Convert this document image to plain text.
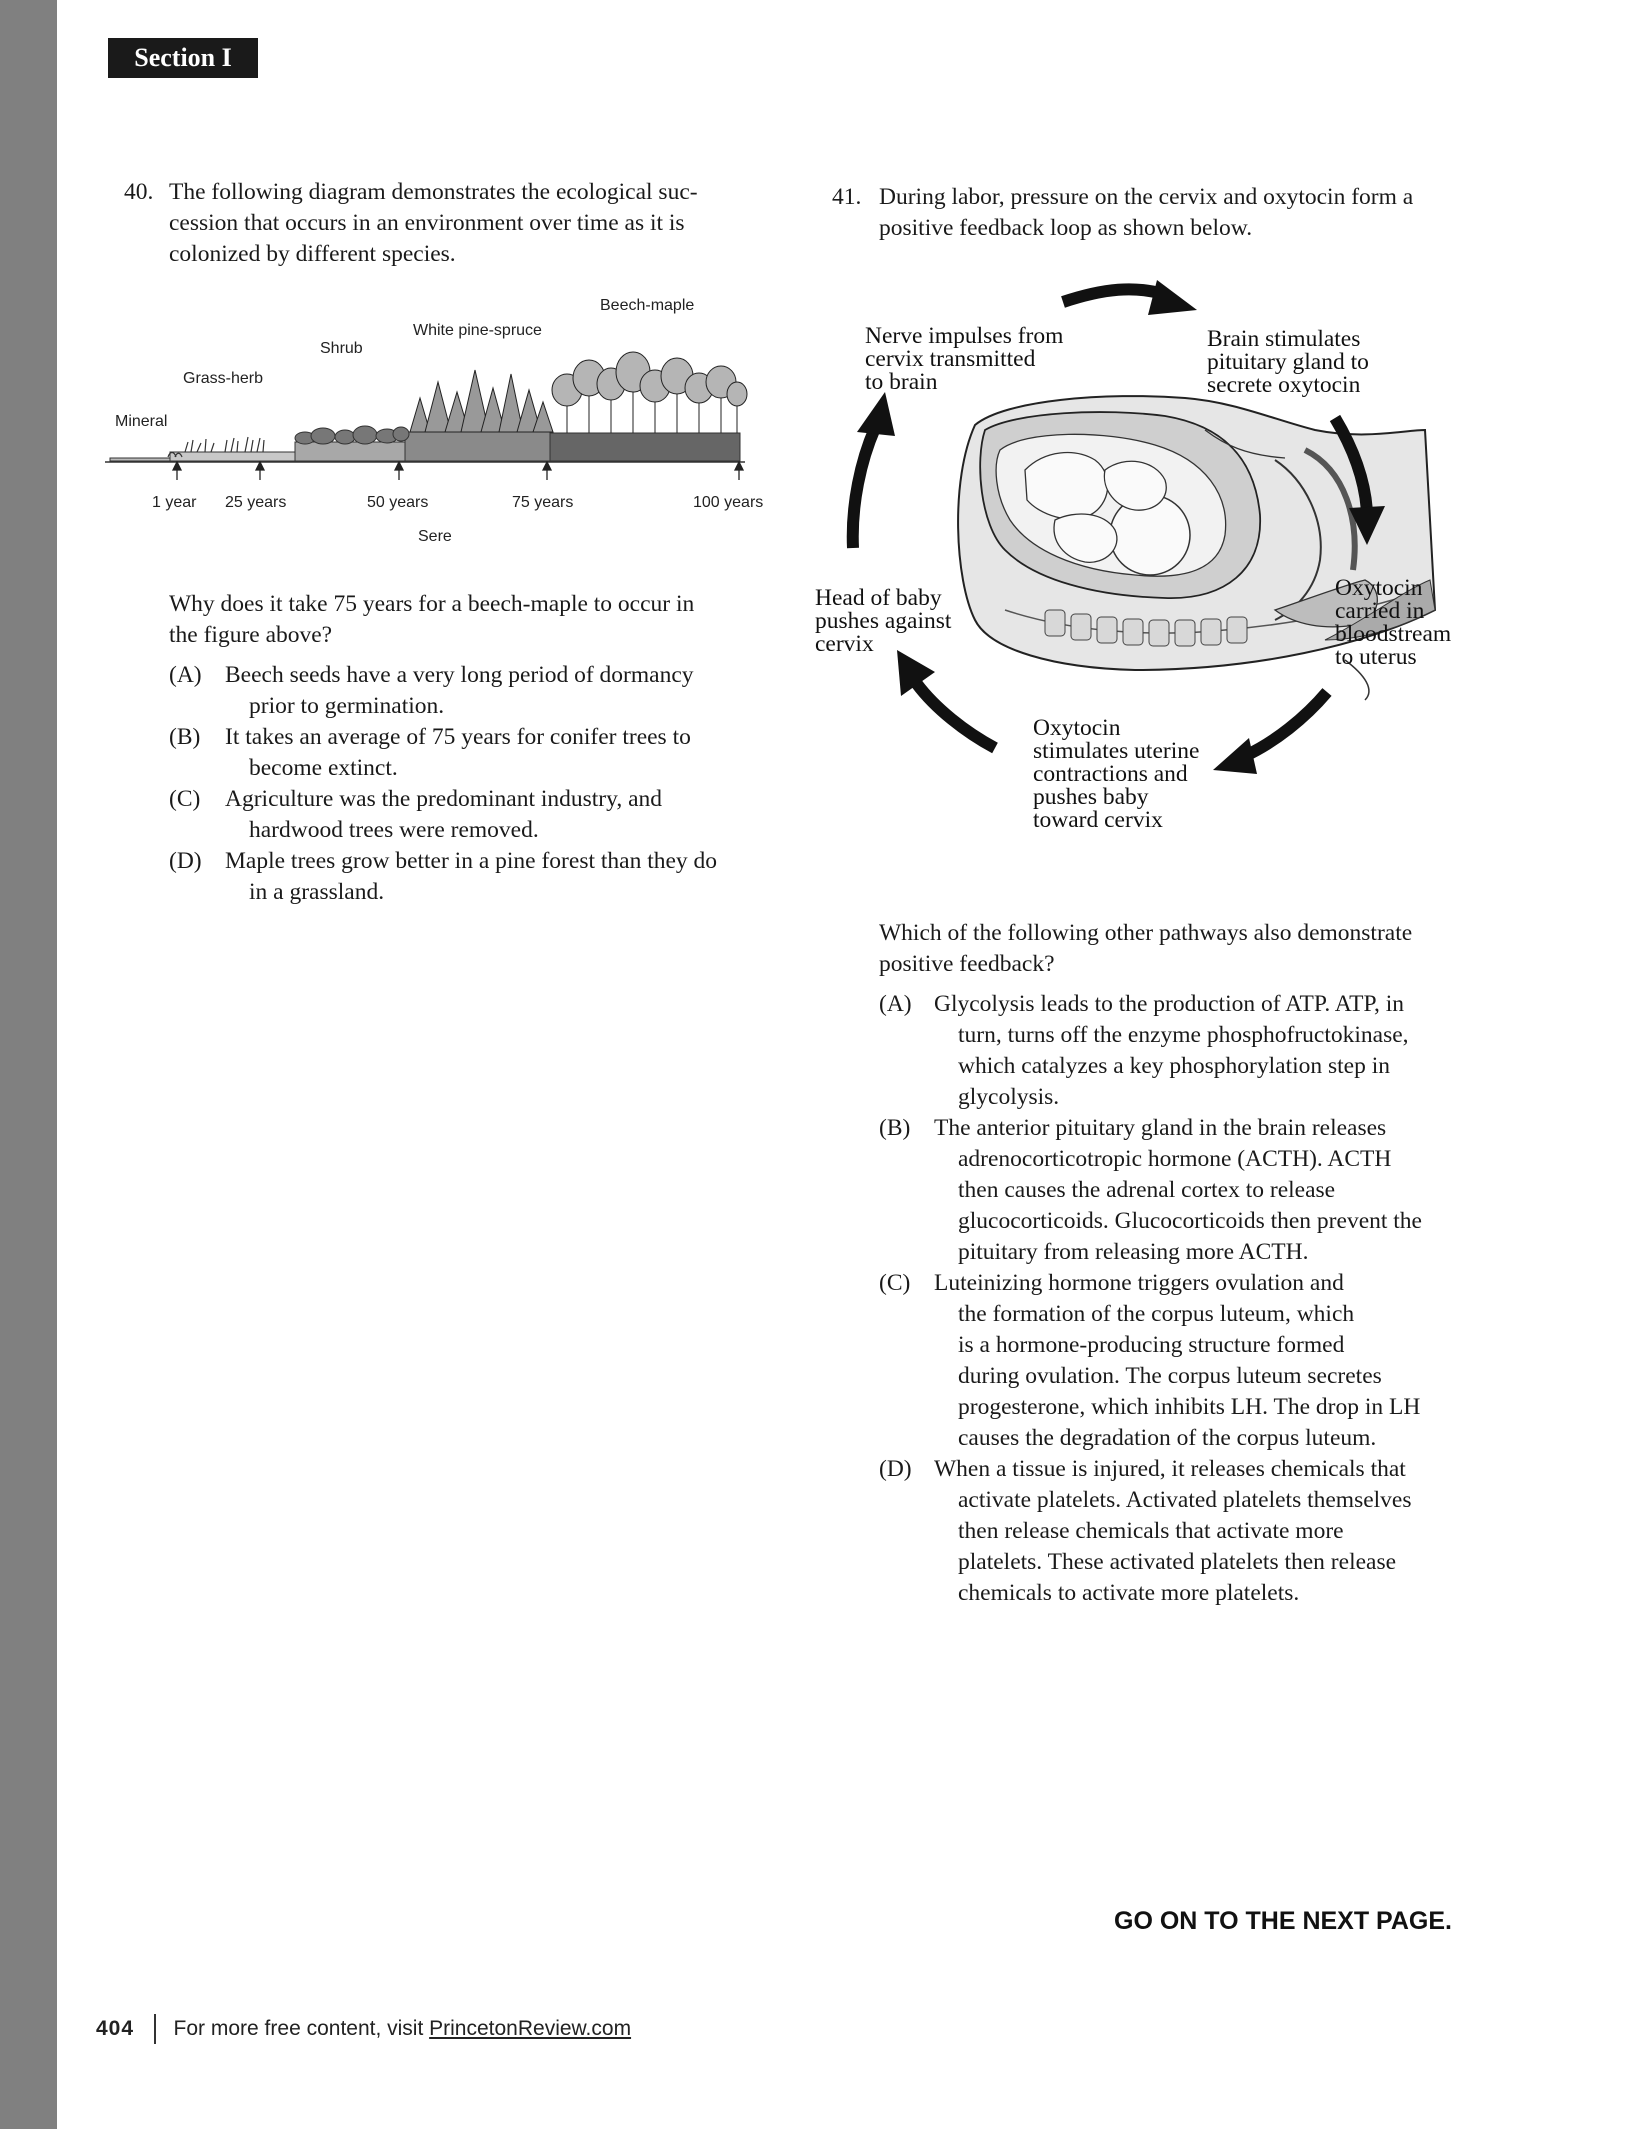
Section I
40. The following diagram demonstrates the ecological suc-
cession that occurs in an environment over time as it is
colonized by different species.
Mineral
Grass-herb
Shrub
White pine-spruce
Beech-maple
1 year 25 years	50 years	75 years	100 years
Sere
Why does it take 75 years for a beech-maple to occur in
the figure above?
(A) Beech seeds have a very long period of dormancy
prior to germination.
(B) It takes an average of 75 years for conifer trees to
become extinct.
(C) Agriculture was the predominant industry, and
hardwood trees were removed.
(D) Maple trees grow better in a pine forest than they do
in a grassland.
41. During labor, pressure on the cervix and oxytocin form a
positive feedback loop as shown below.
Nerve impulses from
cervix transmitted
to brain
Brain stimulates
pituitary gland to
secrete oxytocin
Oxytocin
carried in
bloodstream
to uterus
Oxytocin
stimulates uterine
contractions and
pushes baby
toward cervix
Head of baby
pushes against
cervix
Which of the following other pathways also demonstrate
positive feedback?
(A) Glycolysis leads to the production of ATP. ATP, in
turn, turns off the enzyme phosphofructokinase,
which catalyzes a key phosphorylation step in
glycolysis.
(B) The anterior pituitary gland in the brain releases
adrenocorticotropic hormone (ACTH). ACTH
then causes the adrenal cortex to release
glucocorticoids. Glucocorticoids then prevent the
pituitary from releasing more ACTH.
(C) Luteinizing hormone triggers ovulation and
the formation of the corpus luteum, which
is a hormone-producing structure formed
during ovulation. The corpus luteum secretes
progesterone, which inhibits LH. The drop in LH
causes the degradation of the corpus luteum.
(D) When a tissue is injured, it releases chemicals that
activate platelets. Activated platelets themselves
then release chemicals that activate more
platelets. These activated platelets then release
chemicals to activate more platelets.
GO ON TO THE NEXT PAGE.
404 For more free content, visit PrincetonReview.com
